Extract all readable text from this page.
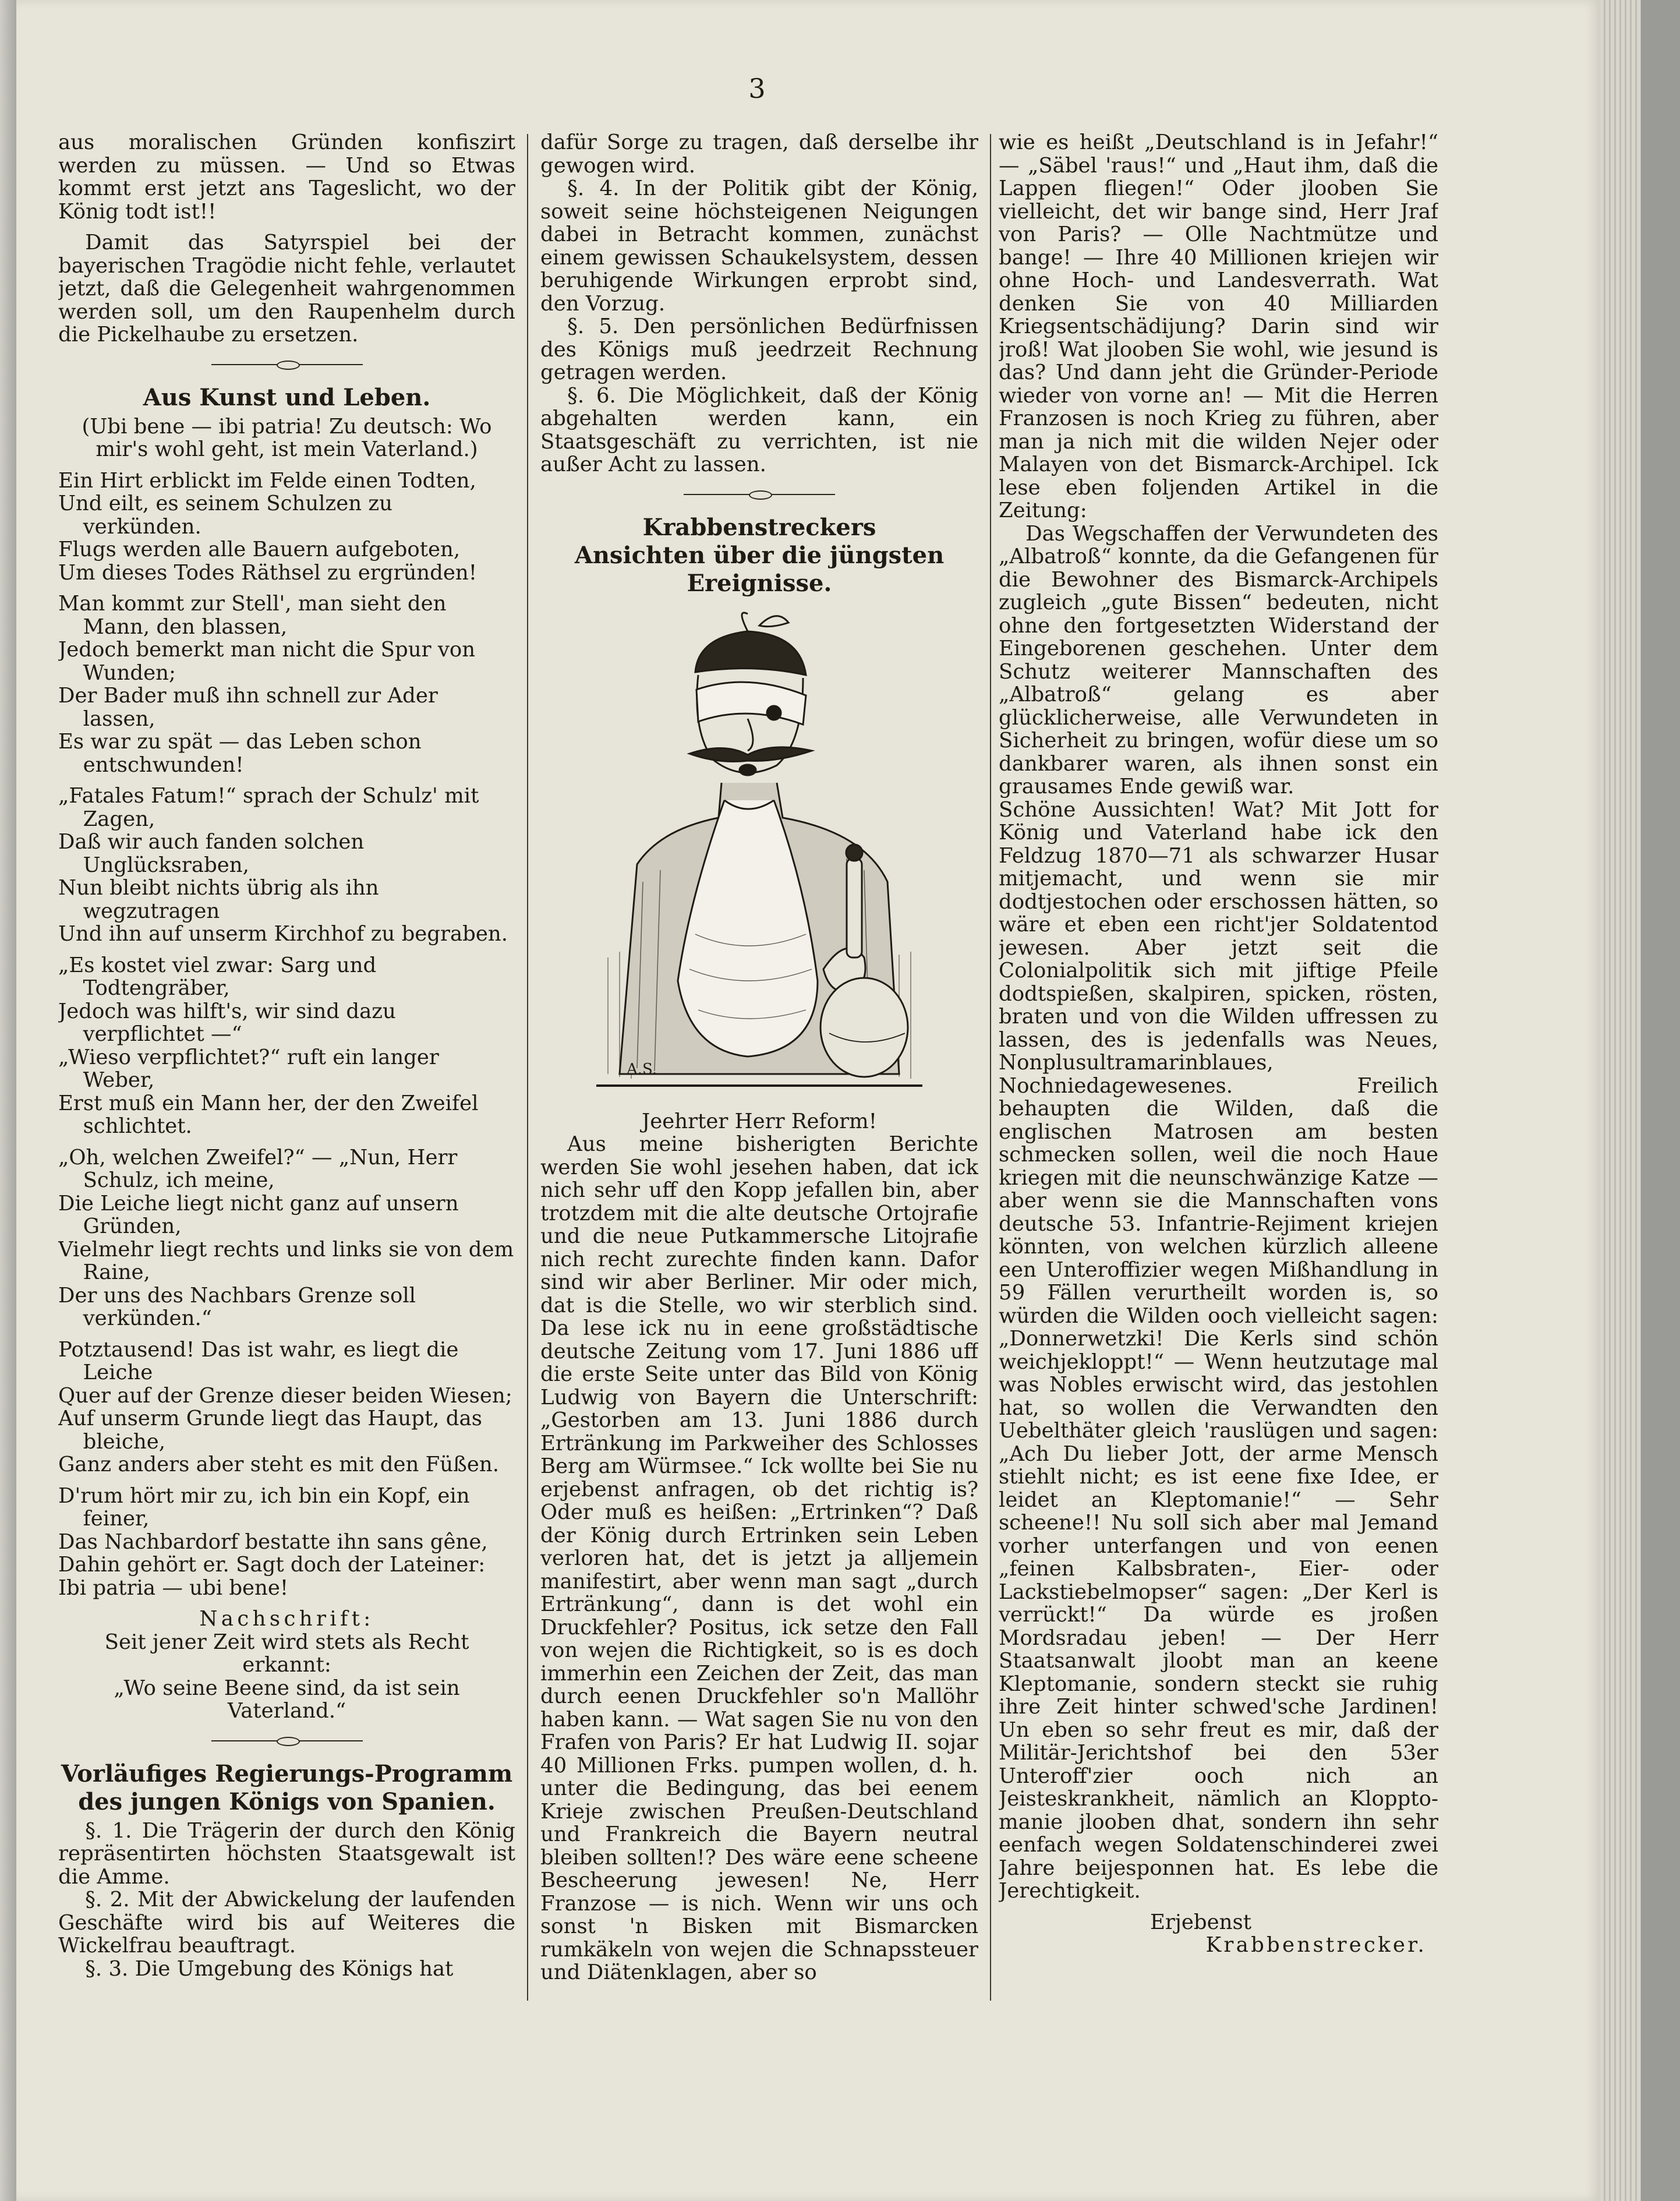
3

aus moralischen Gründen konfiszirt werden zu müssen. — Und so Etwas kommt erst jetzt ans Tageslicht, wo der König todt ist!!

Damit das Satyrspiel bei der bayerischen Tragödie nicht fehle, verlautet jetzt, daß die Gelegenheit wahrgenommen werden soll, um den Raupenhelm durch die Pickelhaube zu ersetzen.

Aus Kunst und Leben.

(Ubi bene — ibi patria! Zu deutsch: Wo mir's wohl geht, ist mein Vaterland.)

Ein Hirt erblickt im Felde einen Todten,

Und eilt, es seinem Schulzen zu verkünden.

Flugs werden alle Bauern aufgeboten,

Um dieses Todes Räthsel zu ergründen!

Man kommt zur Stell', man sieht den Mann, den blassen,

Jedoch bemerkt man nicht die Spur von Wunden;

Der Bader muß ihn schnell zur Ader lassen,

Es war zu spät — das Leben schon entschwunden!

„Fatales Fatum!“ sprach der Schulz' mit Zagen,

Daß wir auch fanden solchen Unglücksraben,

Nun bleibt nichts übrig als ihn wegzutragen

Und ihn auf unserm Kirchhof zu begraben.

„Es kostet viel zwar: Sarg und Todtengräber,

Jedoch was hilft's, wir sind dazu verpflichtet —“

„Wieso verpflichtet?“ ruft ein langer Weber,

Erst muß ein Mann her, der den Zweifel schlichtet.

„Oh, welchen Zweifel?“ — „Nun, Herr Schulz, ich meine,

Die Leiche liegt nicht ganz auf unsern Gründen,

Vielmehr liegt rechts und links sie von dem Raine,

Der uns des Nachbars Grenze soll verkünden.“

Potztausend! Das ist wahr, es liegt die Leiche

Quer auf der Grenze dieser beiden Wiesen;

Auf unserm Grunde liegt das Haupt, das bleiche,

Ganz anders aber steht es mit den Füßen.

D'rum hört mir zu, ich bin ein Kopf, ein feiner,

Das Nachbardorf bestatte ihn sans gêne,

Dahin gehört er. Sagt doch der Lateiner:

Ibi patria — ubi bene!

Nachschrift:

Seit jener Zeit wird stets als Recht erkannt:

„Wo seine Beene sind, da ist sein Vaterland.“

Vorläufiges Regierungs-Programm des jungen Königs von Spanien.

§. 1. Die Trägerin der durch den König repräsentirten höchsten Staatsgewalt ist die Amme.

§. 2. Mit der Abwickelung der laufenden Geschäfte wird bis auf Weiteres die Wickelfrau beauftragt.

§. 3. Die Umgebung des Königs hat

dafür Sorge zu tragen, daß derselbe ihr gewogen wird.

§. 4. In der Politik gibt der König, soweit seine höchsteigenen Neigungen dabei in Betracht kommen, zunächst einem gewissen Schaukelsystem, dessen beruhigende Wirkungen erprobt sind, den Vorzug.

§. 5. Den persönlichen Bedürfnissen des Königs muß jeedrzeit Rechnung getragen werden.

§. 6. Die Möglichkeit, daß der König abgehalten werden kann, ein Staatsgeschäft zu verrichten, ist nie außer Acht zu lassen.

Krabbenstreckers
Ansichten über die jüngsten Ereignisse.
A.S.

Jeehrter Herr Reform!

Aus meine bisherigten Berichte werden Sie wohl jesehen haben, dat ick nich sehr uff den Kopp jefallen bin, aber trotzdem mit die alte deutsche Ortojrafie und die neue Putkammersche Litojrafie nich recht zurechte finden kann. Dafor sind wir aber Berliner. Mir oder mich, dat is die Stelle, wo wir sterblich sind. Da lese ick nu in eene großstädtische deutsche Zeitung vom 17. Juni 1886 uff die erste Seite unter das Bild von König Ludwig von Bayern die Unterschrift: „Gestorben am 13. Juni 1886 durch Ertränkung im Parkweiher des Schlosses Berg am Würmsee.“ Ick wollte bei Sie nu erjebenst anfragen, ob det richtig is? Oder muß es heißen: „Ertrinken“? Daß der König durch Ertrinken sein Leben verloren hat, det is jetzt ja alljemein manifestirt, aber wenn man sagt „durch Ertränkung“, dann is det wohl ein Druckfehler? Positus, ick setze den Fall von wejen die Richtigkeit, so is es doch immerhin een Zeichen der Zeit, das man durch eenen Druckfehler so'n Mallöhr haben kann. — Wat sagen Sie nu von den Frafen von Paris? Er hat Ludwig II. sojar 40 Millionen Frks. pumpen wollen, d. h. unter die Bedingung, das bei eenem Krieje zwischen Preußen-Deutschland und Frankreich die Bayern neutral bleiben sollten!? Des wäre eene scheene Bescheerung jewesen! Ne, Herr Franzose — is nich. Wenn wir uns och sonst 'n Bisken mit Bismarcken rumkäkeln von wejen die Schnapssteuer und Diätenklagen, aber so

wie es heißt „Deutschland is in Jefahr!“ — „Säbel 'raus!“ und „Haut ihm, daß die Lappen fliegen!“ Oder jlooben Sie vielleicht, det wir bange sind, Herr Jraf von Paris? — Olle Nachtmütze und bange! — Ihre 40 Millionen kriejen wir ohne Hoch- und Landesverrath. Wat denken Sie von 40 Milliarden Kriegsentschädijung? Darin sind wir jroß! Wat jlooben Sie wohl, wie jesund is das? Und dann jeht die Gründer-Periode wieder von vorne an! — Mit die Herren Franzosen is noch Krieg zu führen, aber man ja nich mit die wilden Nejer oder Malayen von det Bismarck-Archipel. Ick lese eben foljenden Artikel in die Zeitung:

Das Wegschaffen der Verwundeten des „Albatroß“ konnte, da die Gefangenen für die Bewohner des Bismarck-Archipels zugleich „gute Bissen“ bedeuten, nicht ohne den fortgesetzten Widerstand der Eingeborenen geschehen. Unter dem Schutz weiterer Mannschaften des „Albatroß“ gelang es aber glücklicherweise, alle Verwundeten in Sicherheit zu bringen, wofür diese um so dankbarer waren, als ihnen sonst ein grausames Ende gewiß war.

Schöne Aussichten! Wat? Mit Jott for König und Vaterland habe ick den Feldzug 1870—71 als schwarzer Husar mitjemacht, und wenn sie mir dodtjestochen oder erschossen hätten, so wäre et eben een richt'jer Soldatentod jewesen. Aber jetzt seit die Colonialpolitik sich mit jiftige Pfeile dodtspießen, skalpiren, spicken, rösten, braten und von die Wilden uffressen zu lassen, des is jedenfalls was Neues, Nonplusultramarinblaues, Nochniedagewesenes. Freilich behaupten die Wilden, daß die englischen Matrosen am besten schmecken sollen, weil die noch Haue kriegen mit die neunschwänzige Katze — aber wenn sie die Mannschaften vons deutsche 53. Infantrie-Rejiment kriejen könnten, von welchen kürzlich alleene een Unteroffizier wegen Mißhandlung in 59 Fällen verurtheilt worden is, so würden die Wilden ooch vielleicht sagen: „Donnerwetzki! Die Kerls sind schön weichjekloppt!“ — Wenn heutzutage mal was Nobles erwischt wird, das jestohlen hat, so wollen die Verwandten den Uebelthäter gleich 'rauslügen und sagen: „Ach Du lieber Jott, der arme Mensch stiehlt nicht; es ist eene fixe Idee, er leidet an Kleptomanie!“ — Sehr scheene!! Nu soll sich aber mal Jemand vorher unterfangen und von eenen „feinen Kalbsbraten-, Eier- oder Lackstiebelmopser“ sagen: „Der Kerl is verrückt!“ Da würde es jroßen Mordsradau jeben! — Der Herr Staatsanwalt jloobt man an keene Kleptomanie, sondern steckt sie ruhig ihre Zeit hinter schwed'sche Jardinen! Un eben so sehr freut es mir, daß der Militär-Jerichtshof bei den 53er Unteroff'zier ooch nich an Jeisteskrankheit, nämlich an Kloppto-manie jlooben dhat, sondern ihn sehr eenfach wegen Soldatenschinderei zwei Jahre beijesponnen hat. Es lebe die Jerechtigkeit.

Erjebenst

Krabbenstrecker.
